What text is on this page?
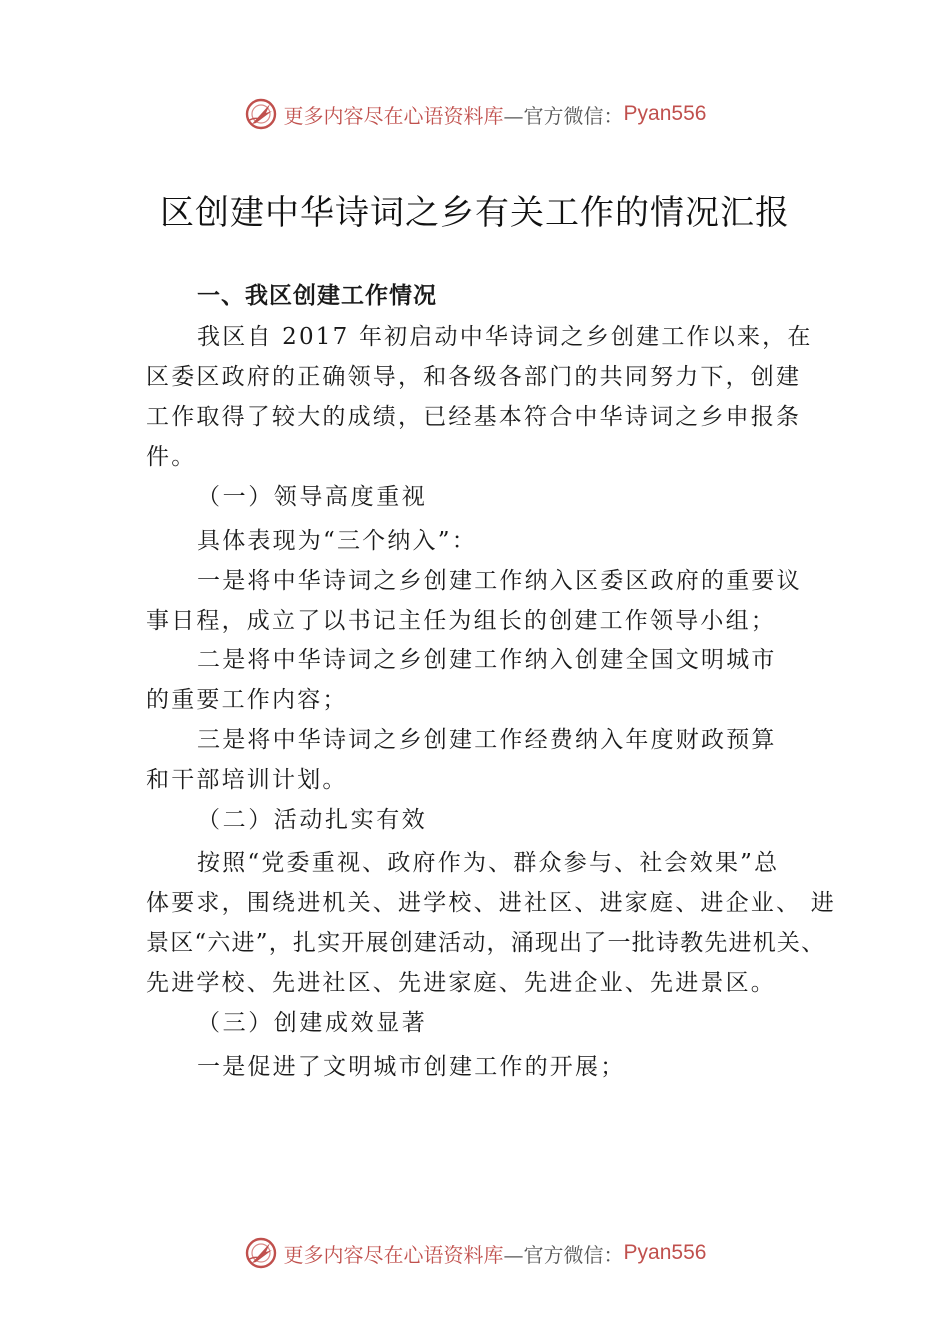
更多内容尽在心语资料库 —官方微信： Pyan556
区创建中华诗词之乡有关工作的情况汇报
一、我区创建工作情况
我区自 2017 年初启动中华诗词之乡创建工作以来，在
区委区政府的正确领导，和各级各部门的共同努力下，创建
工作取得了较大的成绩，已经基本符合中华诗词之乡申报条
件。
（一）领导高度重视
具体表现为“三个纳入”：
一是将中华诗词之乡创建工作纳入区委区政府的重要议
事日程，成立了以书记主任为组长的创建工作领导小组；
二是将中华诗词之乡创建工作纳入创建全国文明城市
的重要工作内容；
三是将中华诗词之乡创建工作经费纳入年度财政预算
和干部培训计划。
（二）活动扎实有效
按照“党委重视、政府作为、群众参与、社会效果”总
体要求，围绕进机关、进学校、进社区、进家庭、进企业、 进
景区“六进”，扎实开展创建活动，涌现出了一批诗教先进机关、
先进学校、先进社区、先进家庭、先进企业、先进景区。
（三）创建成效显著
一是促进了文明城市创建工作的开展；
更多内容尽在心语资料库 —官方微信： Pyan556
